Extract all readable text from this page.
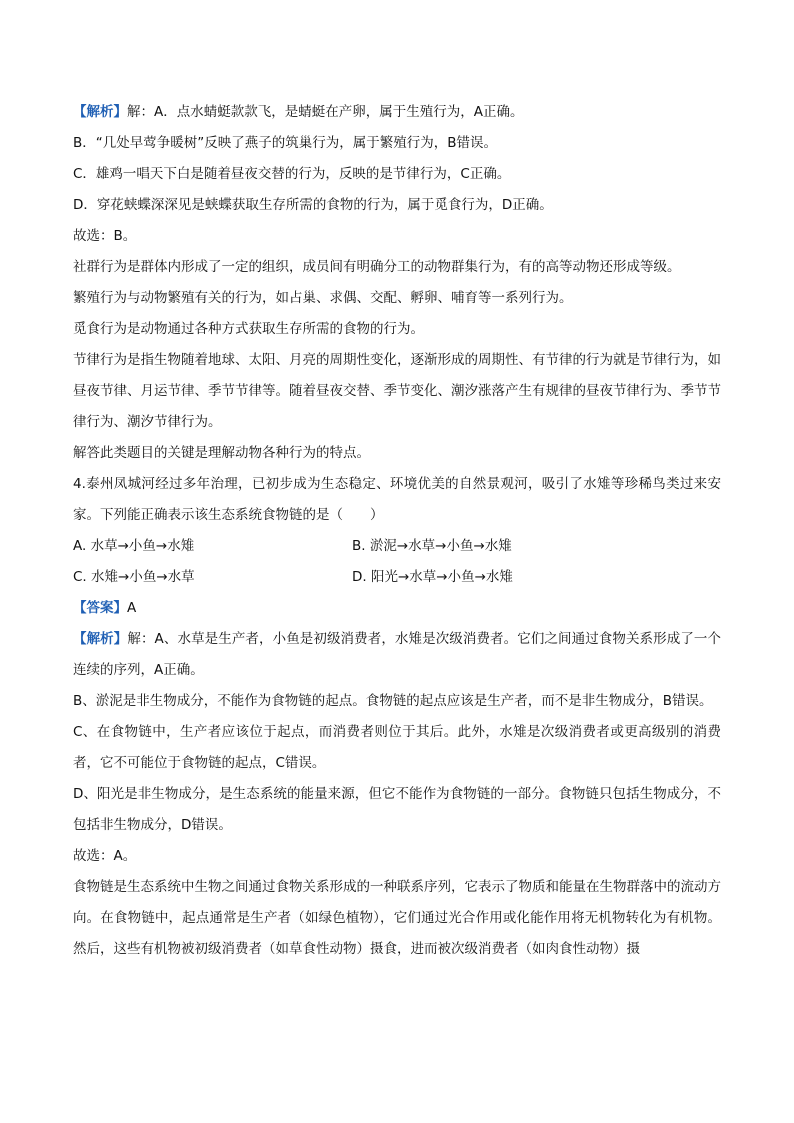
【解析】解：A．点水蜻蜓款款飞，是蜻蜓在产卵，属于生殖行为，A正确。
B．“几处早莺争暖树”反映了燕子的筑巢行为，属于繁殖行为，B错误。
C．雄鸡一唱天下白是随着昼夜交替的行为，反映的是节律行为，C正确。
D．穿花蛱蝶深深见是蛱蝶获取生存所需的食物的行为，属于觅食行为，D正确。
故选：B。
社群行为是群体内形成了一定的组织，成员间有明确分工的动物群集行为，有的高等动物还形成等级。
繁殖行为与动物繁殖有关的行为，如占巢、求偶、交配、孵卵、哺育等一系列行为。
觅食行为是动物通过各种方式获取生存所需的食物的行为。
节律行为是指生物随着地球、太阳、月亮的周期性变化，逐渐形成的周期性、有节律的行为就是节律行为，如昼夜节律、月运节律、季节节律等。随着昼夜交替、季节变化、潮汐涨落产生有规律的昼夜节律行为、季节节律行为、潮汐节律行为。
解答此类题目的关键是理解动物各种行为的特点。
4.泰州凤城河经过多年治理，已初步成为生态稳定、环境优美的自然景观河，吸引了水雉等珍稀鸟类过来安家。下列能正确表示该生态系统食物链的是（　　）
A. 水草→小鱼→水雉	B. 淤泥→水草→小鱼→水雉
C. 水雉→小鱼→水草	D. 阳光→水草→小鱼→水雉
【答案】A
【解析】解：A、水草是生产者，小鱼是初级消费者，水雉是次级消费者。它们之间通过食物关系形成了一个连续的序列，A正确。
B、淤泥是非生物成分，不能作为食物链的起点。食物链的起点应该是生产者，而不是非生物成分，B错误。
C、在食物链中，生产者应该位于起点，而消费者则位于其后。此外，水雉是次级消费者或更高级别的消费者，它不可能位于食物链的起点，C错误。
D、阳光是非生物成分，是生态系统的能量来源，但它不能作为食物链的一部分。食物链只包括生物成分，不包括非生物成分，D错误。
故选：A。
食物链是生态系统中生物之间通过食物关系形成的一种联系序列，它表示了物质和能量在生物群落中的流动方向。在食物链中，起点通常是生产者（如绿色植物），它们通过光合作用或化能作用将无机物转化为有机物。然后，这些有机物被初级消费者（如草食性动物）摄食，进而被次级消费者（如肉食性动物）摄
